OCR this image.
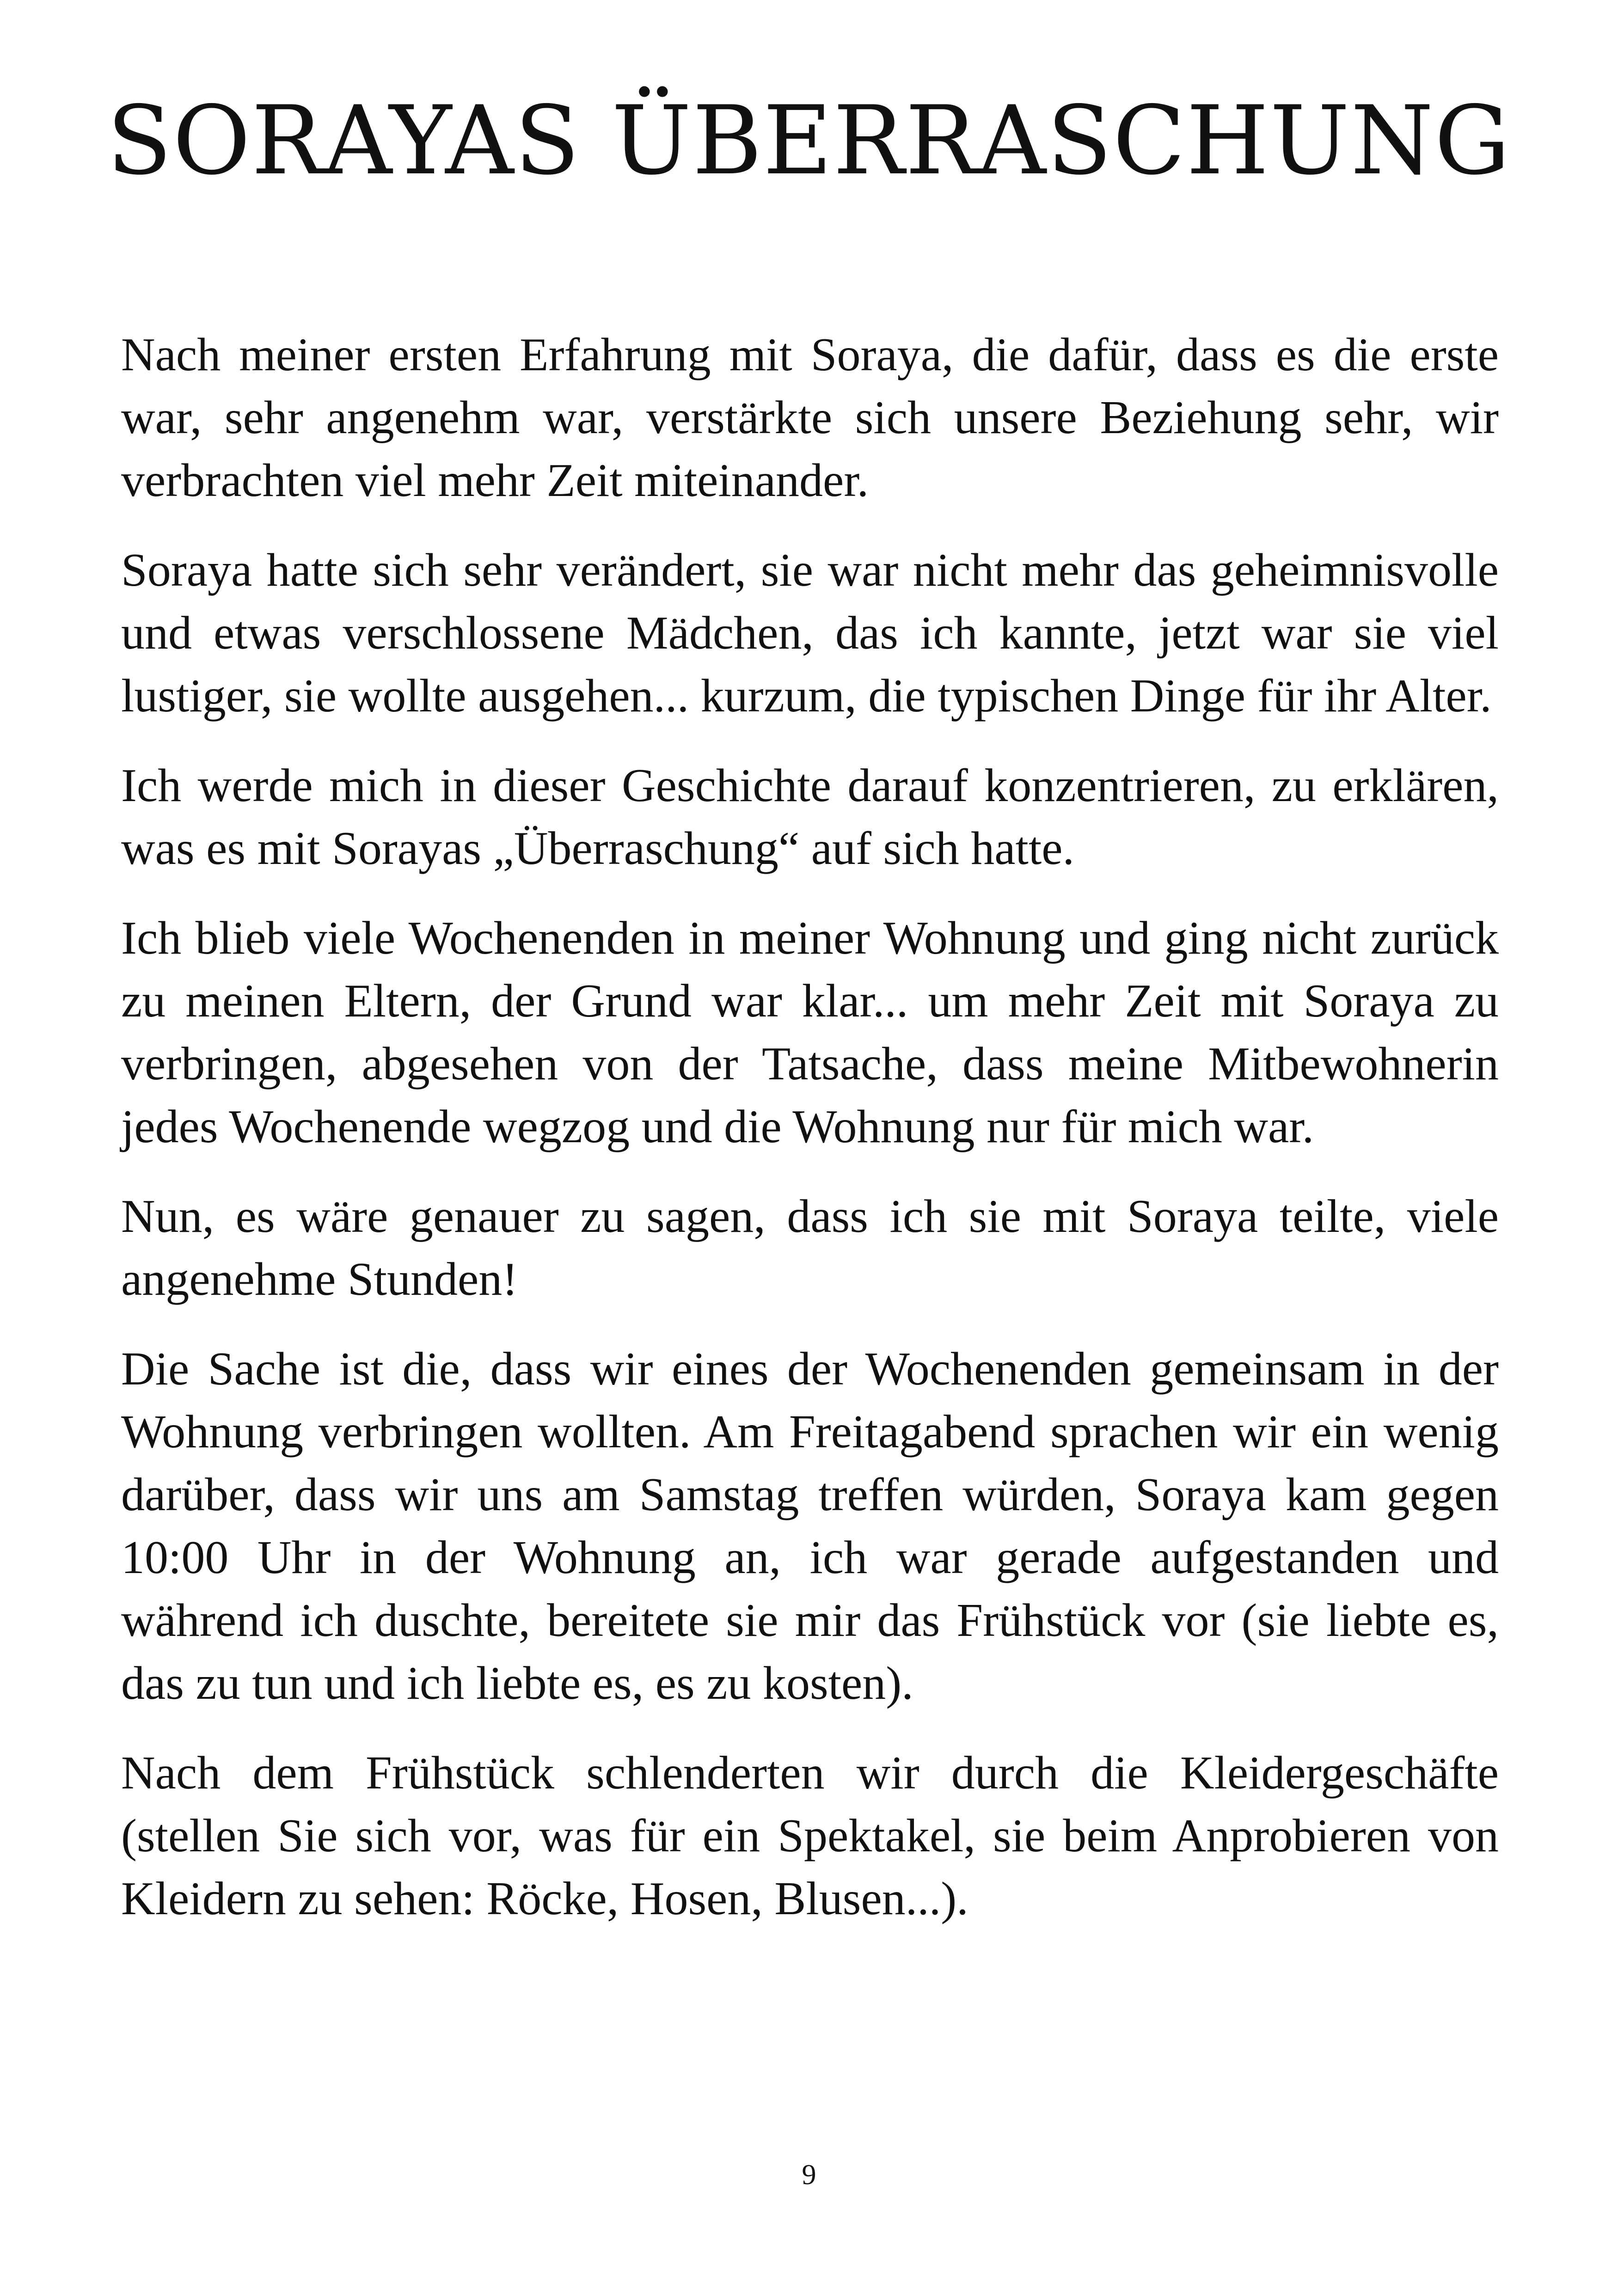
SORAYAS ÜBERRASCHUNG

Nach meiner ersten Erfahrung mit Soraya, die dafür, dass es die erste war, sehr angenehm war, verstärkte sich unsere Beziehung sehr, wir verbrachten viel mehr Zeit miteinander.

Soraya hatte sich sehr verändert, sie war nicht mehr das geheimnisvolle und etwas verschlossene Mädchen, das ich kannte, jetzt war sie viel lustiger, sie wollte ausgehen... kurzum, die typischen Dinge für ihr Alter.

Ich werde mich in dieser Geschichte darauf konzentrieren, zu erklären, was es mit Sorayas „Überraschung“ auf sich hatte.

Ich blieb viele Wochenenden in meiner Wohnung und ging nicht zurück zu meinen Eltern, der Grund war klar... um mehr Zeit mit Soraya zu verbringen, abgesehen von der Tatsache, dass meine Mitbewohnerin jedes Wochenende wegzog und die Wohnung nur für mich war.

Nun, es wäre genauer zu sagen, dass ich sie mit Soraya teilte, viele angenehme Stunden!

Die Sache ist die, dass wir eines der Wochenenden gemeinsam in der Wohnung verbringen wollten. Am Freitagabend sprachen wir ein wenig darüber, dass wir uns am Samstag treffen würden, Soraya kam gegen 10:00 Uhr in der Wohnung an, ich war gerade aufgestanden und während ich duschte, bereitete sie mir das Frühstück vor (sie liebte es, das zu tun und ich liebte es, es zu kosten).

Nach dem Frühstück schlenderten wir durch die Kleidergeschäfte (stellen Sie sich vor, was für ein Spektakel, sie beim Anprobieren von Kleidern zu sehen: Röcke, Hosen, Blusen...).

9
